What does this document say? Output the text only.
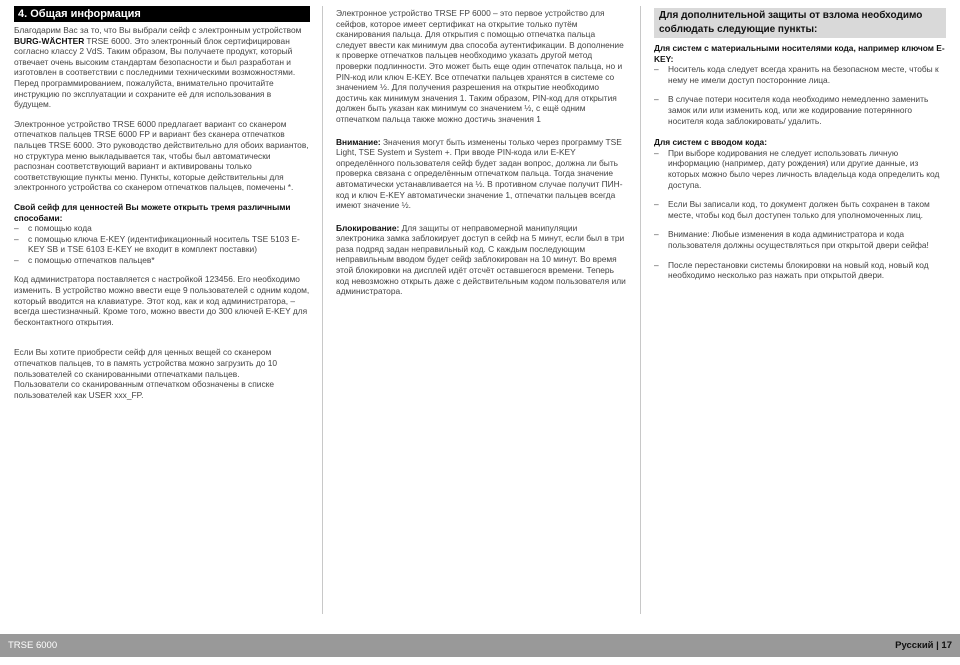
4. Общая информация

Благодарим Вас за то, что Вы выбрали сейф с электронным устройством
BURG-WÄCHTER TRSE 6000. Это электронный блок сертифицирован согласно классу 2 VdS. Таким образом, Вы получаете продукт, который отвечает очень высоким стандартам безопасности и был разработан и изготовлен в соответствии с последними техническими возможностями. Перед программированием, пожалуйста, внимательно прочитайте инструкцию по эксплуатации и сохраните её для использования в будущем.

Электронное устройство TRSE 6000 предлагает вариант со сканером отпечатков пальцев TRSE 6000 FP и вариант без сканера отпечатков пальцев TRSE 6000. Это руководство действительно для обоих вариантов, но структура меню выкладывается так, чтобы был автоматически распознан соответствующий вариант и активированы только соответствующие пункты меню. Пункты, которые действительны для электронного устройства со сканером отпечатков пальцев, помечены *.

Свой сейф для ценностей Вы можете открыть тремя различными способами:
– с помощью кода
– с помощью ключа E-KEY (идентификационный носитель TSE 5103 E-KEY SB и TSE 6103 E-KEY не входит в комплект поставки)
– с помощью отпечатков пальцев*

Код администратора поставляется с настройкой 123456. Его необходимо изменить. В устройство можно ввести еще 9 пользователей с одним кодом, который вводится на клавиатуре. Этот код, как и код администратора, – всегда шестизначный. Кроме того, можно ввести до 300 ключей E-KEY для бесконтактного открытия.

Если Вы хотите приобрести сейф для ценных вещей со сканером отпечатков пальцев, то в память устройства можно загрузить до 10 пользователей со сканированными отпечатками пальцев.
Пользователи со сканированным отпечатком обозначены в списке пользователей как USER xxx_FP.

Электронное устройство TRSE FP 6000 – это первое устройство для сейфов, которое имеет сертификат на открытие только путём сканирования пальца. Для открытия с помощью отпечатка пальца следует ввести как минимум два способа аутентификации. В дополнение к проверке отпечатков пальцев необходимо указать другой метод проверки подлинности. Это может быть еще один отпечаток пальца, но и PIN-код или ключ E-KEY. Все отпечатки пальцев хранятся в системе со значением ½. Для получения разрешения на открытие необходимо достичь как минимум значения 1. Таким образом, PIN-код для открытия должен быть указан как минимум со значением ½, с ещё одним отпечатком пальца также можно достичь значения 1

Внимание: Значения могут быть изменены только через программу TSE Light, TSE System и System +. При вводе PIN-кода или E-KEY определённого пользователя сейф будет задан вопрос, должна ли быть проверка связана с определённым отпечатком пальца. Тогда значение автоматически устанавливается на ½. В противном случае получит ПИН-код и ключ E-KEY автоматически значение 1, отпечатки пальцев всегда имеют значение ½.

Блокирование: Для защиты от неправомерной манипуляции электроника замка заблокирует доступ в сейф на 5 минут, если был в три раза подряд задан неправильный код. С каждым последующим неправильным вводом будет сейф заблокирован на 10 минут. Во время этой блокировки на дисплей идёт отсчёт оставшегося времени. Теперь код невозможно открыть даже с действительным кодом пользователя или администратора.

Для дополнительной защиты от взлома необходимо соблюдать следующие пункты:
Для систем с материальными носителями кода, например ключом E-KEY:
– Носитель кода следует всегда хранить на безопасном месте, чтобы к нему не имели доступ посторонние лица.
– В случае потери носителя кода необходимо немедленно заменить замок или или изменить код, или же кодирование потерянного носителя кода заблокировать/ удалить.
Для систем с вводом кода:
– При выборе кодирования не следует использовать личную информацию (например, дату рождения) или другие данные, из которых можно было через личность владельца кода определить код доступа.
– Если Вы записали код, то документ должен быть сохранен в таком месте, чтобы код был доступен только для уполномоченных лиц.
– Внимание: Любые изменения в кода администратора и кода пользователя должны осуществляться при открытой двери сейфа!
– После перестановки системы блокировки на новый код, новый код необходимо несколько раз нажать при открытой двери.
TRSE 6000	Русский | 17
